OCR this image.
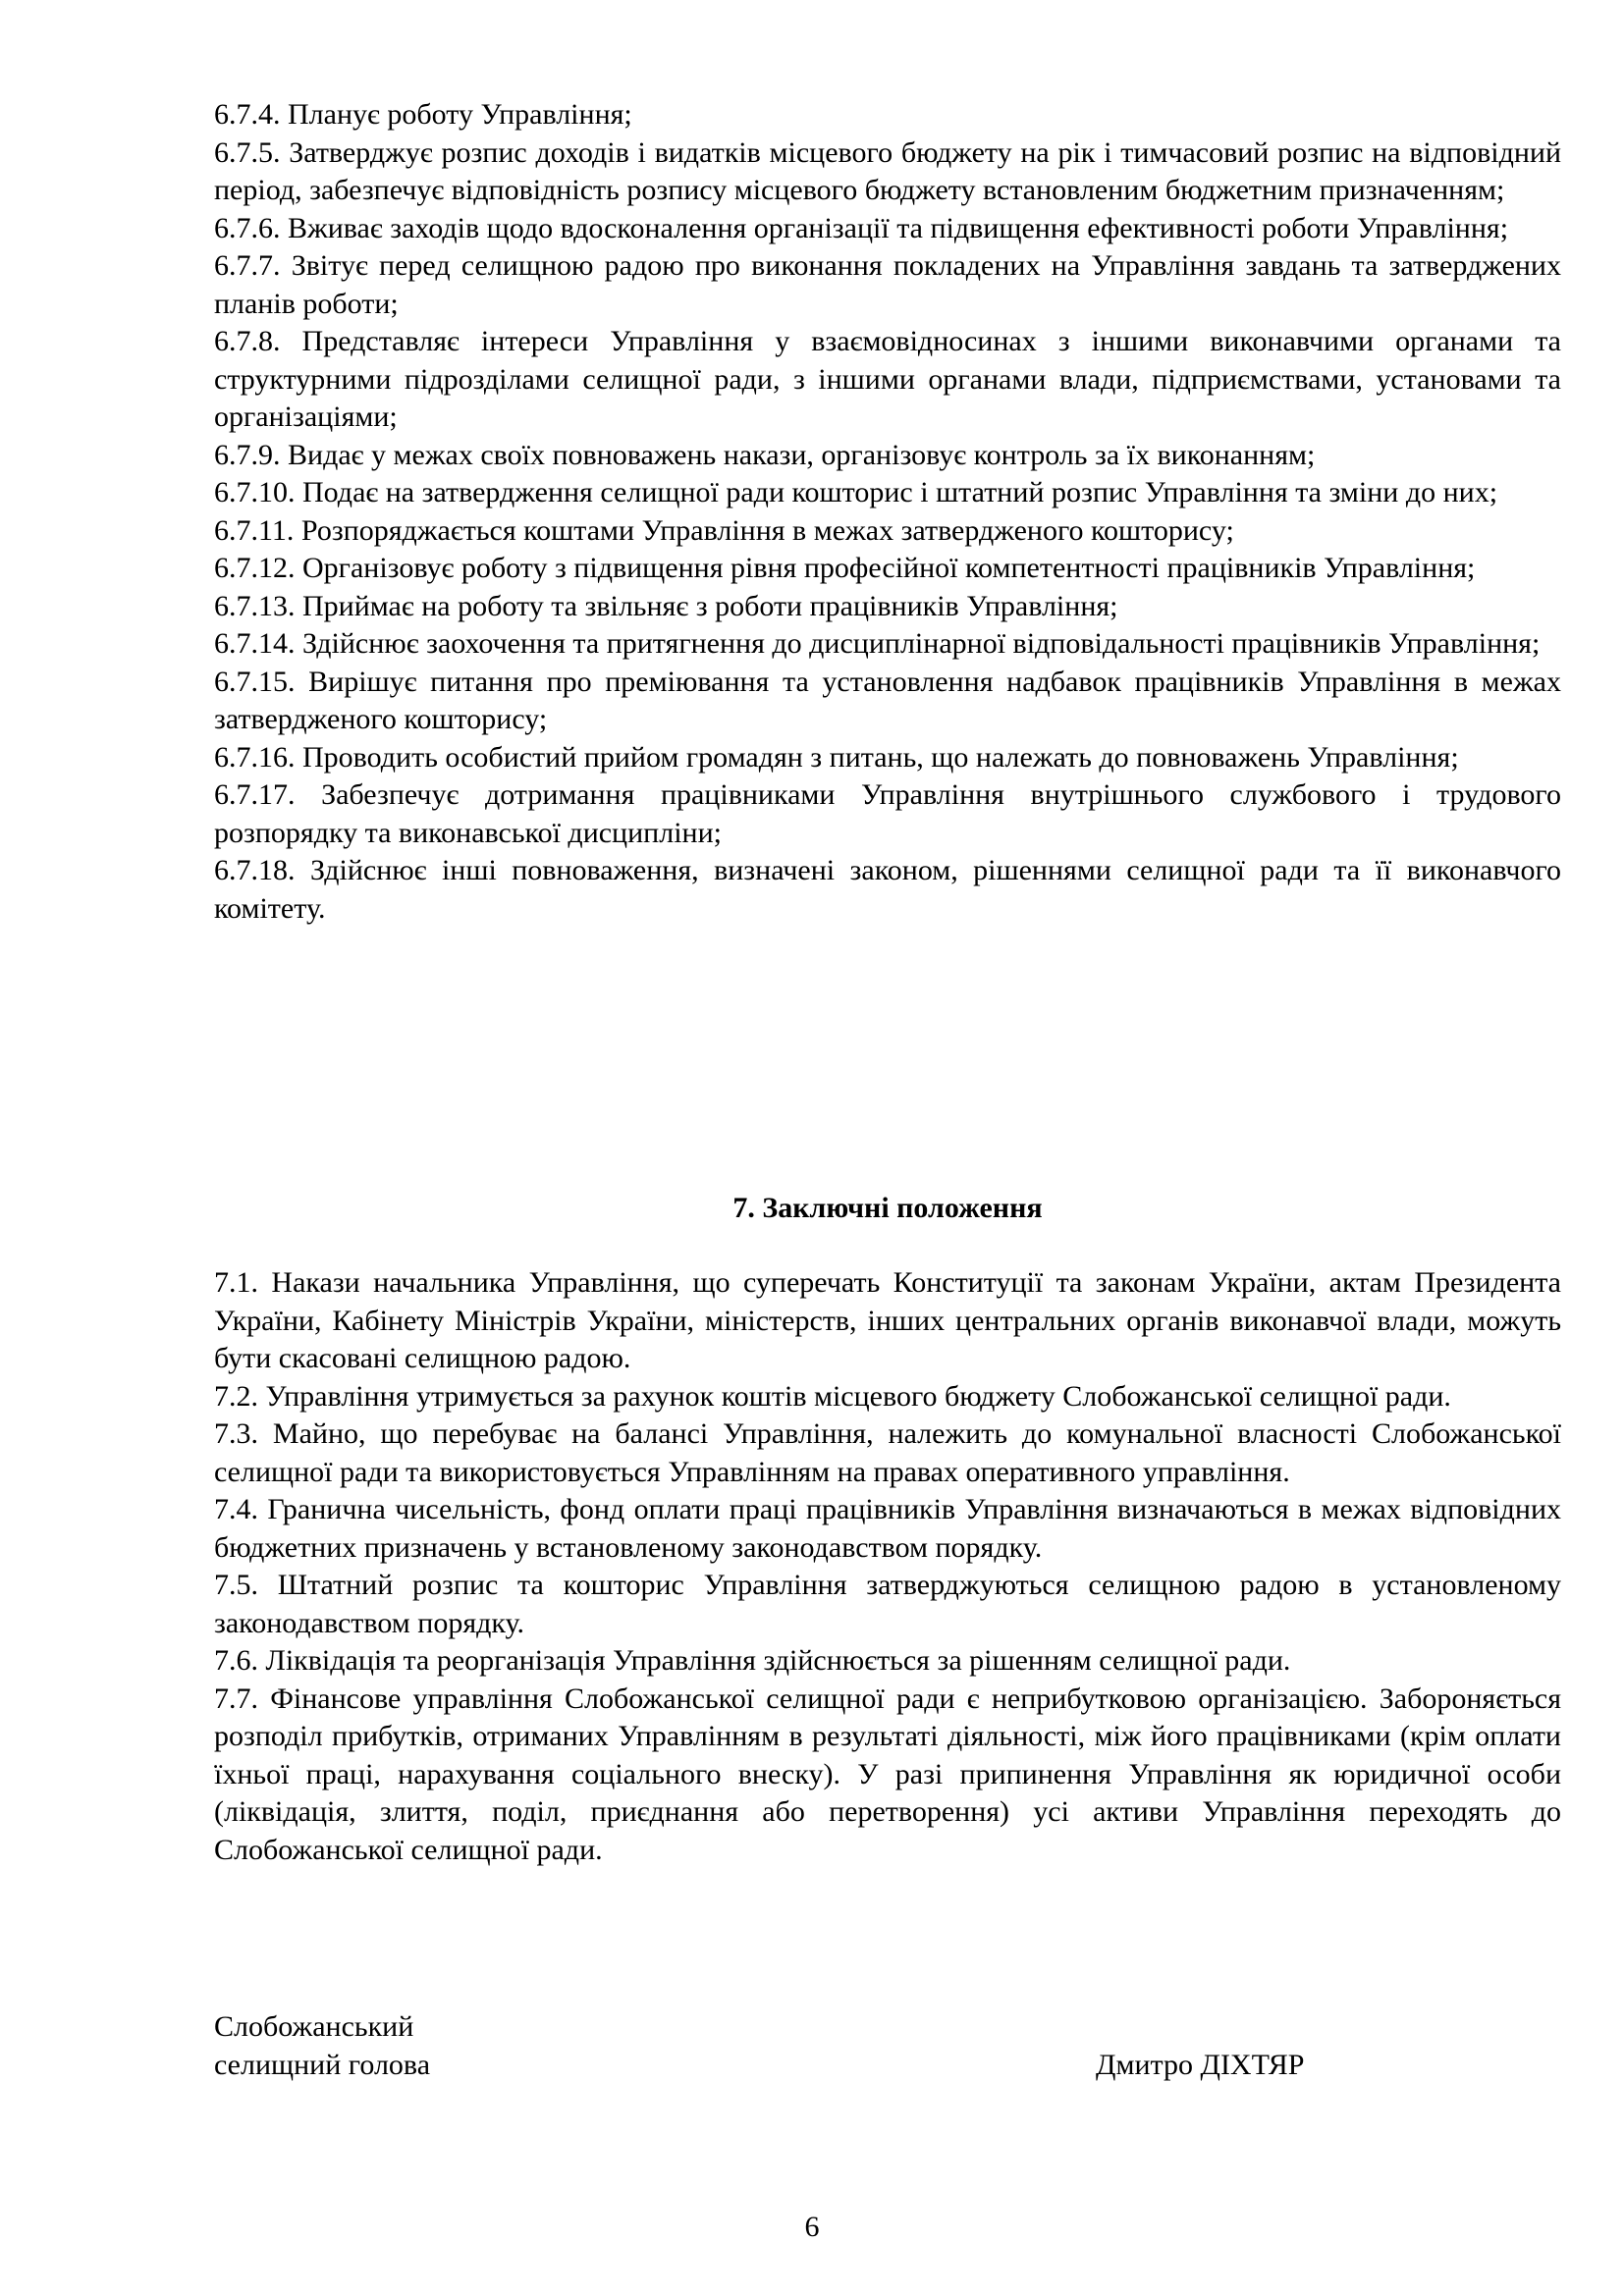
6.7.4. Планує роботу Управління;

6.7.5. Затверджує розпис доходів і видатків місцевого бюджету на рік і тимчасовий розпис на відповідний період, забезпечує відповідність розпису місцевого бюджету встановленим бюджетним призначенням;

6.7.6. Вживає заходів щодо вдосконалення організації та підвищення ефективності роботи Управління;

6.7.7. Звітує перед селищною радою про виконання покладених на Управління завдань та затверджених планів роботи;

6.7.8. Представляє інтереси Управління у взаємовідносинах з іншими виконавчими органами та структурними підрозділами селищної ради, з іншими органами влади, підприємствами, установами та організаціями;

6.7.9. Видає у межах своїх повноважень накази, організовує контроль за їх виконанням;

6.7.10. Подає на затвердження селищної ради кошторис і штатний розпис Управління та зміни до них;

6.7.11. Розпоряджається коштами Управління в межах затвердженого кошторису;

6.7.12. Організовує роботу з підвищення рівня професійної компетентності працівників Управління;

6.7.13. Приймає на роботу та звільняє з роботи працівників Управління;

6.7.14. Здійснює заохочення та притягнення до дисциплінарної відповідальності працівників Управління;

6.7.15. Вирішує питання про преміювання та установлення надбавок працівників Управління в межах затвердженого кошторису;

6.7.16. Проводить особистий прийом громадян з питань, що належать до повноважень Управління;

6.7.17. Забезпечує дотримання працівниками Управління внутрішнього службового і трудового розпорядку та виконавської дисципліни;

6.7.18. Здійснює інші повноваження, визначені законом, рішеннями селищної ради та її виконавчого комітету.

7. Заключні положення

7.1. Накази начальника Управління, що суперечать Конституції та законам України, актам Президента України, Кабінету Міністрів України, міністерств, інших центральних органів виконавчої влади, можуть бути скасовані селищною радою.

7.2. Управління утримується за рахунок коштів місцевого бюджету Слобожанської селищної ради.

7.3. Майно, що перебуває на балансі Управління, належить до комунальної власності Слобожанської селищної ради та використовується Управлінням на правах оперативного управління.

7.4. Гранична чисельність, фонд оплати праці працівників Управління визначаються в межах відповідних бюджетних призначень у встановленому законодавством порядку.

7.5. Штатний розпис та кошторис Управління затверджуються селищною радою в установленому законодавством порядку.

7.6. Ліквідація та реорганізація Управління здійснюється за рішенням селищної ради.

7.7. Фінансове управління Слобожанської селищної ради є неприбутковою організацією. Забороняється розподіл прибутків, отриманих Управлінням в результаті діяльності, між його працівниками (крім оплати їхньої праці, нарахування соціального внеску). У разі припинення Управління як юридичної особи (ліквідація, злиття, поділ, приєднання або перетворення) усі активи Управління переходять до Слобожанської селищної ради.

Слобожанський
селищний голова	Дмитро ДІХТЯР
6
